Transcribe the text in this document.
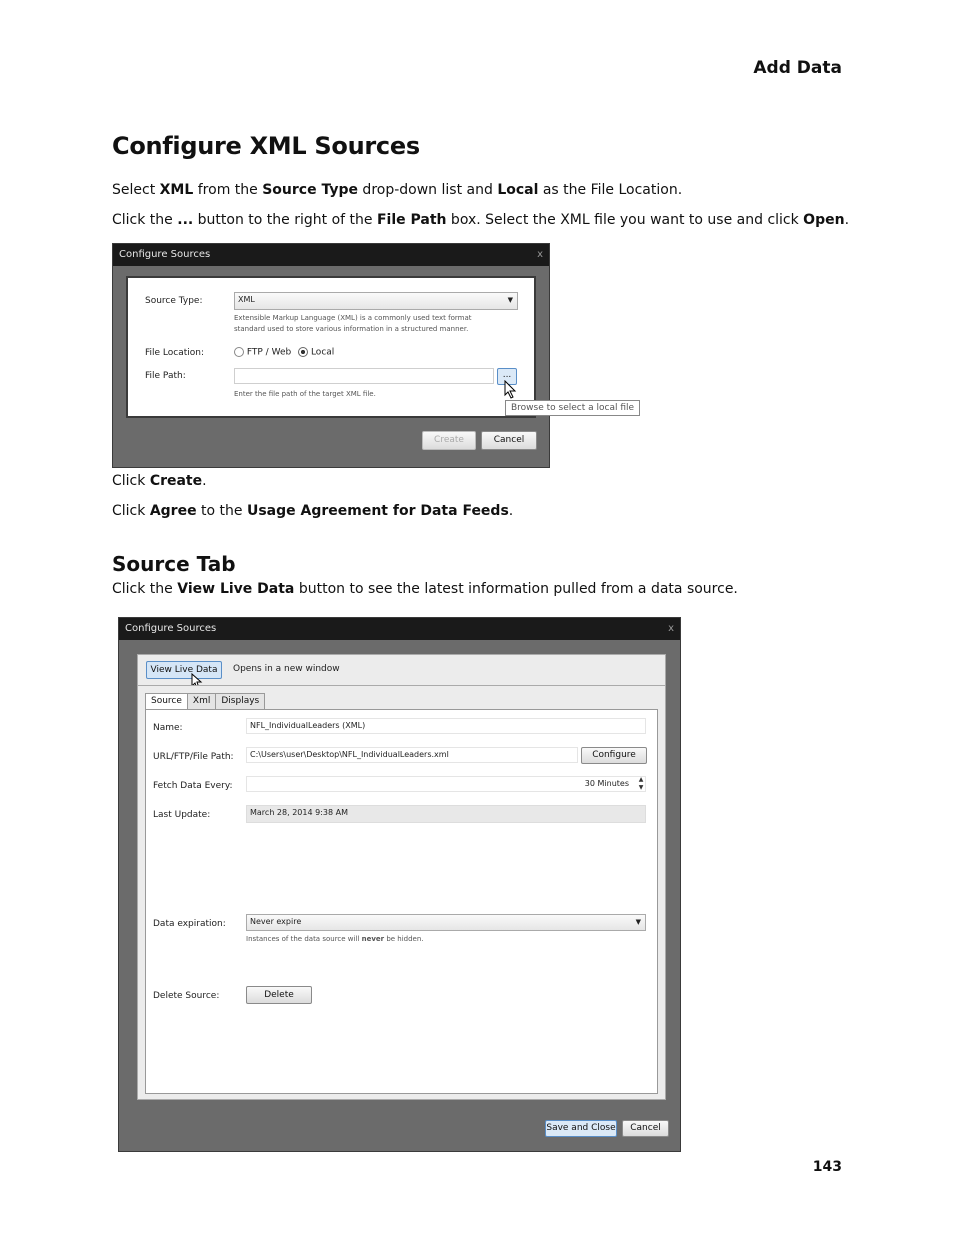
Add Data
Configure XML Sources
Select XML from the Source Type drop-down list and Local as the File Location.
Click the ... button to the right of the File Path box. Select the XML file you want to use and click Open.
Configure Sources	x
Source Type:	XML	▼
Extensible Markup Language (XML) is a commonly used text format
standard used to store various information in a structured manner.
File Location:	FTP / Web Local
File Path:	...
Enter the file path of the target XML file.
Create	Cancel
Browse to select a local file
Click Create.
Click Agree to the Usage Agreement for Data Feeds.
Source Tab
Click the View Live Data button to see the latest information pulled from a data source.
Configure Sources	x
View Live Data	Opens in a new window
Source	Xml	Displays
Name:	NFL_IndividualLeaders (XML)
URL/FTP/File Path:	C:\Users\user\Desktop\NFL_IndividualLeaders.xml	Configure
Fetch Data Every:	30 Minutes	▲
▼
Last Update:	March 28, 2014 9:38 AM
Data expiration:	Never expire	▼
Instances of the data source will never be hidden.
Delete Source:	Delete
Save and Close	Cancel
143
